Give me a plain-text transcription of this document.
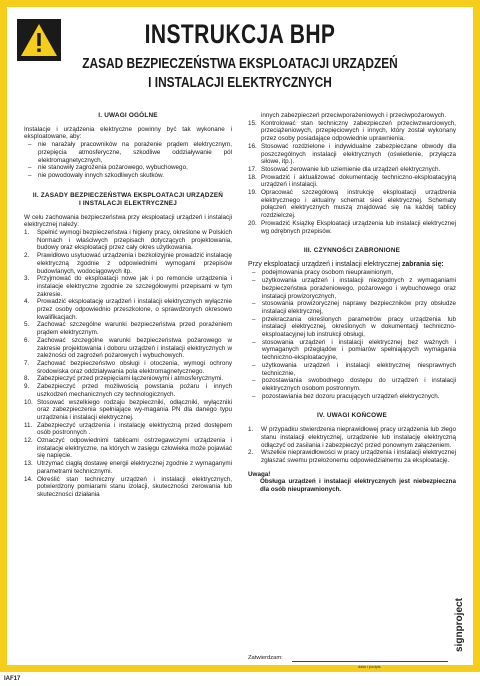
INSTRUKCJA BHP
ZASAD BEZPIECZEŃSTWA EKSPLOATACJI URZĄDZEŃ
I INSTALACJI ELEKTRYCZNYCH
I. UWAGI OGÓLNE

Instalacje i urządzenia elektryczne powinny być tak wykonane i eksploatowane, aby:

– nie narażały pracowników na porażenie prądem elektrycznym, przepięcia atmosferyczne, szkodliwe oddziaływanie pól elektromagnetycznych,
– nie stanowiły zagrożenia pożarowego, wybuchowego,
– nie powodowały innych szkodliwych skutków.
II. ZASADY BEZPIECZEŃSTWA EKSPLOATACJI URZĄDZEŃ
I INSTALACJI ELEKTRYCZNEJ

W celu zachowania bezpieczeństwa przy eksploatacji urządzeń i instalacji elektrycznej należy:

1. Spełnić wymogi bezpieczeństwa i higieny pracy, określone w Polskich Normach i właściwych przepisach dotyczących projektowania, budowy oraz eksploatacji przez cały okres użytkowania.
2. Prawidłowo usytuować urządzenia i bezkolizyjnie prowadzić instalację elektryczną zgodnie z odpowiednimi wymogami przepisów budowlanych, wodociągowych itp.
3. Przyjmować do eksploatacji nowe jak i po remoncie urządzenia i instalacje elektryczne zgodnie ze szczegółowymi przepisami w tym zakresie.
4. Prowadzić eksploatację urządzeń i instalacji elektrycznych wyłącznie przez osoby odpowiednio przeszkolone, o sprawdzonych okresowo kwalifikacjach.
5. Zachować szczególne warunki bezpieczeństwa przed porażeniem prądem elektrycznym.
6. Zachować szczególne warunki bezpieczeństwa pożarowego w zakresie projektowania i doboru urządzeń i instalacji elektrycznych w zależności od zagrożeń pożarowych i wybuchowych.
7. Zachować bezpieczeństwo obsługi i otoczenia, wymogi ochrony środowiska oraz oddziaływania pola elektromagnetycznego.
8. Zabezpieczyć przed przepięciami łączeniowymi i atmosferycznymi.
9. Zabezpieczyć przed możliwością powstania pożaru i innych uszkodzeń mechanicznych czy technologicznych.
10. Stosować wszelkiego rodzaju bezpieczniki, odłączniki, wyłączniki oraz zabezpieczenia spełniające wy-magania PN dla danego typu urządzenia i instalacji elektrycznej.
11. Zabezpieczyć urządzenia i instalację elektryczną przed dostępem osób postronnych .
12. Oznaczyć odpowiednimi tablicami ostrzegawczymi urządzenia i instalacje elektryczne, na których w zasięgu człowieka może pojawiać się napięcie.
13. Utrzymać ciągłą dostawę energii elektrycznej zgodnie z wymaganymi parametrami technicznymi.
14. Określić stan techniczny urządzeń i instalacji elektrycznych, potwierdzony pomiarami stanu izolacji, skuteczności zerowania lub skuteczności działania
innych zabezpieczeń przeciwporażeniowych i przeciwpożarowych.
15. Kontrolować stan techniczny zabezpieczeń przeciwzwarciowych, przeciążeniowych, przepięciowych i innych, który został wykonany przez osoby posiadające odpowiednie uprawnienia.
16. Stosować rozdzielone i indywidualne zabezpieczane obwody dla poszczególnych instalacji elektrycznych (oświetlenie, przyłącza siłowe, itp.).
17. Stosować zerowanie lub uziemienie dla urządzeń elektrycznych.
18. Prowadzić i aktualizować dokumentację techniczno-eksploatacyjną urządzeń i instalacji.
19. Opracować szczegółową instrukcję eksploatacji urządzenia elektrycznego i aktualny schemat sieci elektrycznej. Schematy połączeń elektrycznych muszą znajdować się na każdej tablicy rozdzielczej.
20. Prowadzić Książkę Eksploatacji urządzenia lub instalacji elektrycznej wg odrębnych przepisów.
III. CZYNNOŚCI ZABRONIONE

Przy eksploatacji urządzeń i instalacji elektrycznej zabrania się:

– podejmowania pracy osobom nieuprawnionym,
– użytkowania urządzeń i instalacji niezgodnych z wymaganiami bezpieczeństwa porażeniowego, pożarowego i wybuchowego oraz instalacji prowizorycznych,
– stosowania prowizorycznej naprawy bezpieczników przy obsłudze instalacji elektrycznej,
– przekraczania określonych parametrów pracy urządzenia lub instalacji elektrycznej, określonych w dokumentacji techniczno-eksploatacyjnej lub instrukcji obsługi,
– stosowania urządzeń i instalacji elektrycznej bez ważnych i wymaganych przeglądów i pomiarów spełniających wymagania techniczno-eksploatacyjne,
– użytkowania urządzeń i instalacji elektrycznej niesprawnych technicznie,
– pozostawiania swobodnego dostępu do urządzeń i instalacji elektrycznych osobom postronnym.
– pozostawiania bez dozoru pracujących urządzeń elektrycznych.
IV. UWAGI KOŃCOWE
1. W przypadku stwierdzenia nieprawidłowej pracy urządzenia lub złego stanu instalacji elektrycznej, urządzenie lub instalację elektryczną odłączyć od zasilania i zabezpieczyć przed ponownym załączeniem.
2. Wszelkie nieprawidłowości w pracy urządzenia i instalacji elektrycznej zgłaszać swemu przełożonemu odpowiedzialnemu za eksploatację.

Uwaga!

Obsługa urządzeń i instalacji elektrycznych jest niebezpieczna dla osób nieuprawnionych.

Zatwierdzam:
data i podpis
signproject
IAF17
